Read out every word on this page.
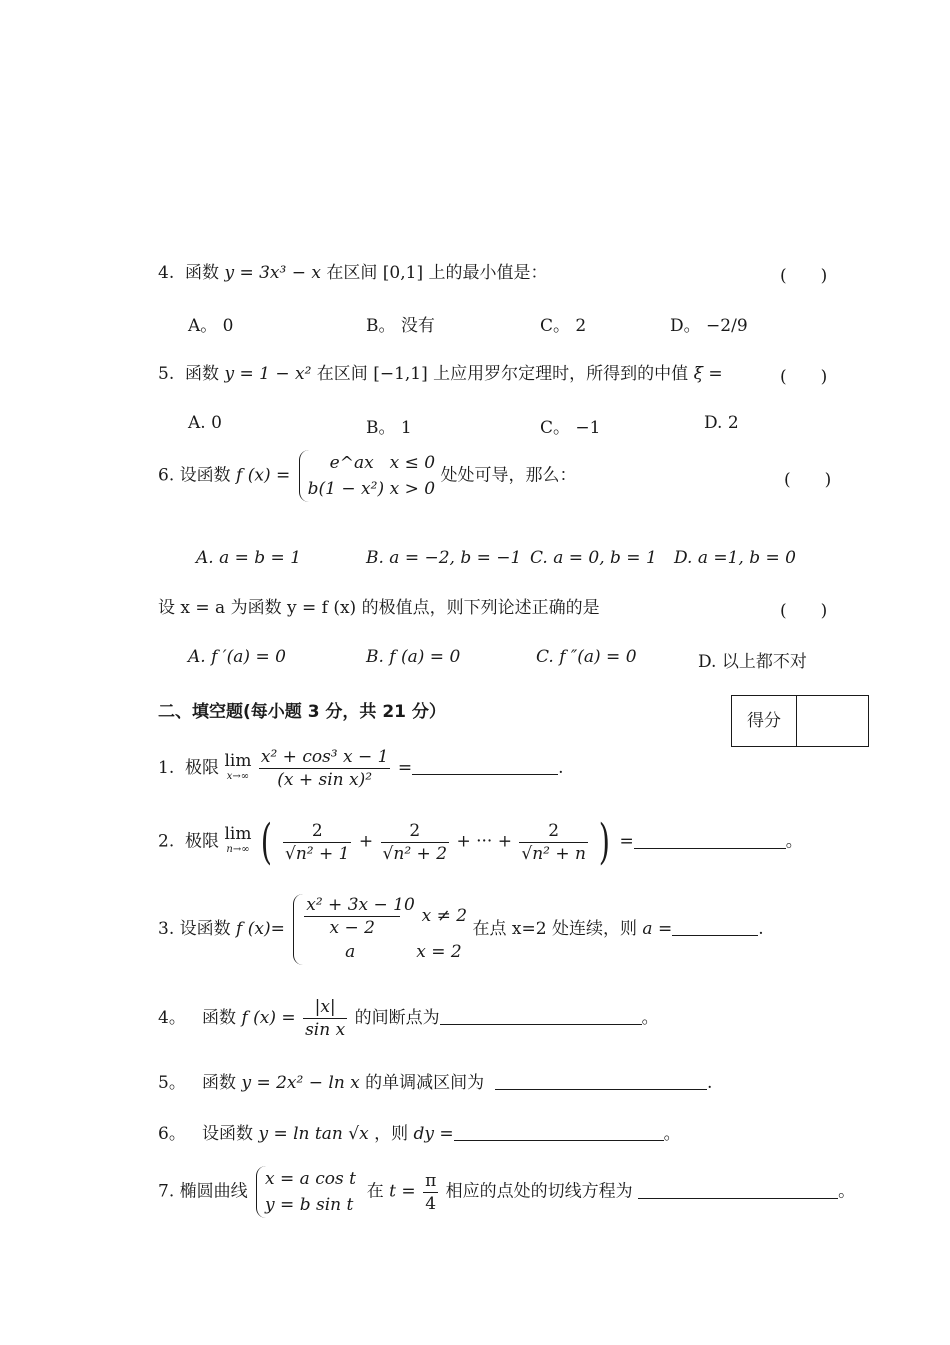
4. 函数 y = 3x³ − x 在区间 [0,1] 上的最小值是：	(　　)
A。 0	B。 没有	C。 2	D。 −2/9
5. 函数 y = 1 − x² 在区间 [−1,1] 上应用罗尔定理时，所得到的中值 ξ =	(　　)
A. 0	B。 1	C。 −1	D. 2
6. 设函数 f (x) =
e^ax x ≤ 0
b(1 − x²) x > 0
处处可导，那么：	(　　)
A. a = b = 1	B. a = −2, b = −1 C. a = 0, b = 1 D. a =1, b = 0
设 x = a 为函数 y = f (x) 的极值点，则下列论述正确的是	(　　)
A. f ′(a) = 0	B. f (a) = 0	C. f ″(a) = 0	D. 以上都不对
二、填空题(每小题 3 分，共 21 分）	得分
1. 极限 lim
x→∞
$\frac{\text{x² + cos³ x − 1}}{\text{(x + sin x)²}}$ =	.
2. 极限 lim
n→∞ ( $\frac{2}{\text{√n² + 1}} + \frac{2}{\text{√n² + 2}}$ + ··· + $\frac{2}{\text{√n² + n}}$ ) =	。
3. 设函数 f $(x)= \frac{\text{x² + 3x − 10}}{x - 2}$ x ≠ 2
a	x = 2
在点 x=2 处连续，则 a =	.
4。 函数 f $(x) = \frac{|x|}{\text{sin x}}$ 的间断点为	。
5。 函数 y = 2x² − ln x 的单调减区间为	.
6。 设函数 y = ln tan √x ，则 dy =	。
7. 椭圆曲线
x = a cos t
y = b sin t
在 $t = \frac{\pi}{4}$ 相应的点处的切线方程为	。
